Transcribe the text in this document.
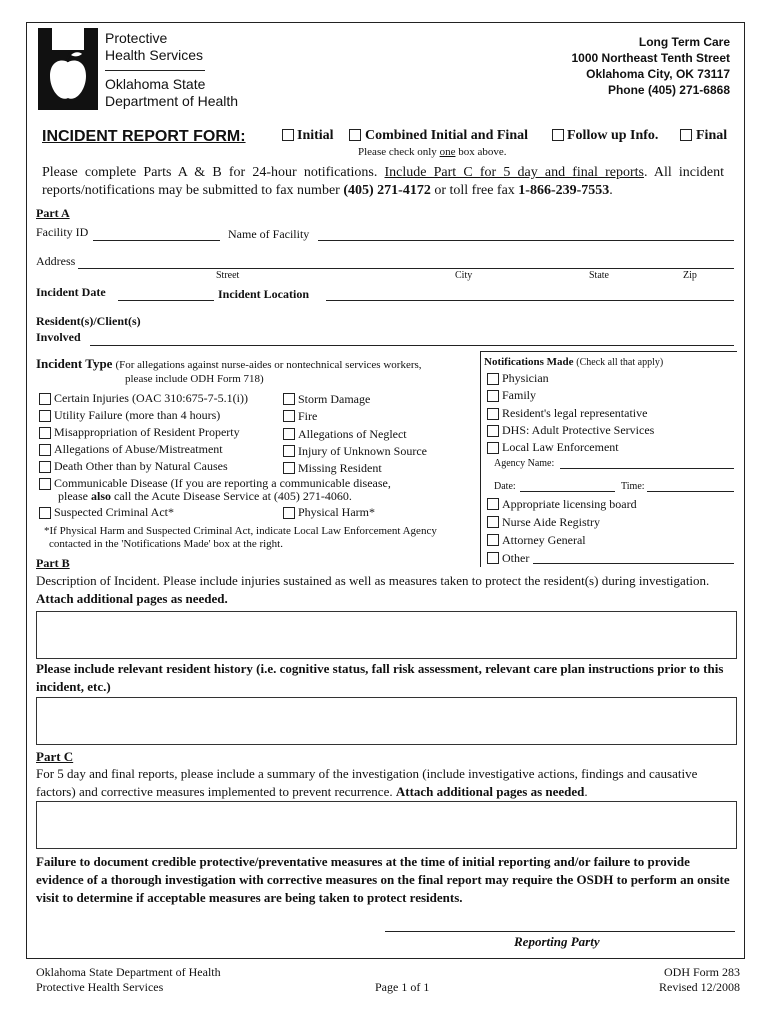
Protective
Health Services
Oklahoma State
Department of Health
Long Term Care
1000 Northeast Tenth Street
Oklahoma City, OK 73117
Phone (405) 271-6868
INCIDENT REPORT FORM:	Initial Combined Initial and Final	Follow up Info.	Final
Please check only one box above.
Please complete Parts A & B for 24-hour notifications. Include Part C for 5 day and final reports. All incident reports/notifications may be submitted to fax number (405) 271-4172 or toll free fax 1-866-239-7553.
Part A
Facility ID	Name of Facility
Address
Street	City	State	Zip
Incident Date	Incident Location
Resident(s)/Client(s)
Involved
Incident Type (For allegations against nurse-aides or nontechnical services workers,
please include ODH Form 718)
Certain Injuries (OAC 310:675-7-5.1(i))
Utility Failure (more than 4 hours)
Misappropriation of Resident Property
Allegations of Abuse/Mistreatment
Death Other than by Natural Causes
Storm Damage
Fire
Allegations of Neglect
Injury of Unknown Source
Missing Resident
Communicable Disease (If you are reporting a communicable disease,
please also call the Acute Disease Service at (405) 271-4060.
Suspected Criminal Act*	Physical Harm*
*If Physical Harm and Suspected Criminal Act, indicate Local Law Enforcement Agency
contacted in the 'Notifications Made' box at the right.
Notifications Made (Check all that apply)
Physician
Family
Resident's legal representative
DHS: Adult Protective Services
Local Law Enforcement
Agency Name:
Date:	Time:
Appropriate licensing board
Nurse Aide Registry
Attorney General
Other
Part B
Description of Incident. Please include injuries sustained as well as measures taken to protect the resident(s) during investigation. Attach additional pages as needed.
Please include relevant resident history (i.e. cognitive status, fall risk assessment, relevant care plan instructions prior to this incident, etc.)
Part C
For 5 day and final reports, please include a summary of the investigation (include investigative actions, findings and causative factors) and corrective measures implemented to prevent recurrence. Attach additional pages as needed.
Failure to document credible protective/preventative measures at the time of initial reporting and/or failure to provide evidence of a thorough investigation with corrective measures on the final report may require the OSDH to perform an onsite visit to determine if acceptable measures are being taken to protect residents.
Reporting Party
Oklahoma State Department of Health
Protective Health Services	Page 1 of 1
ODH Form 283
Revised 12/2008
